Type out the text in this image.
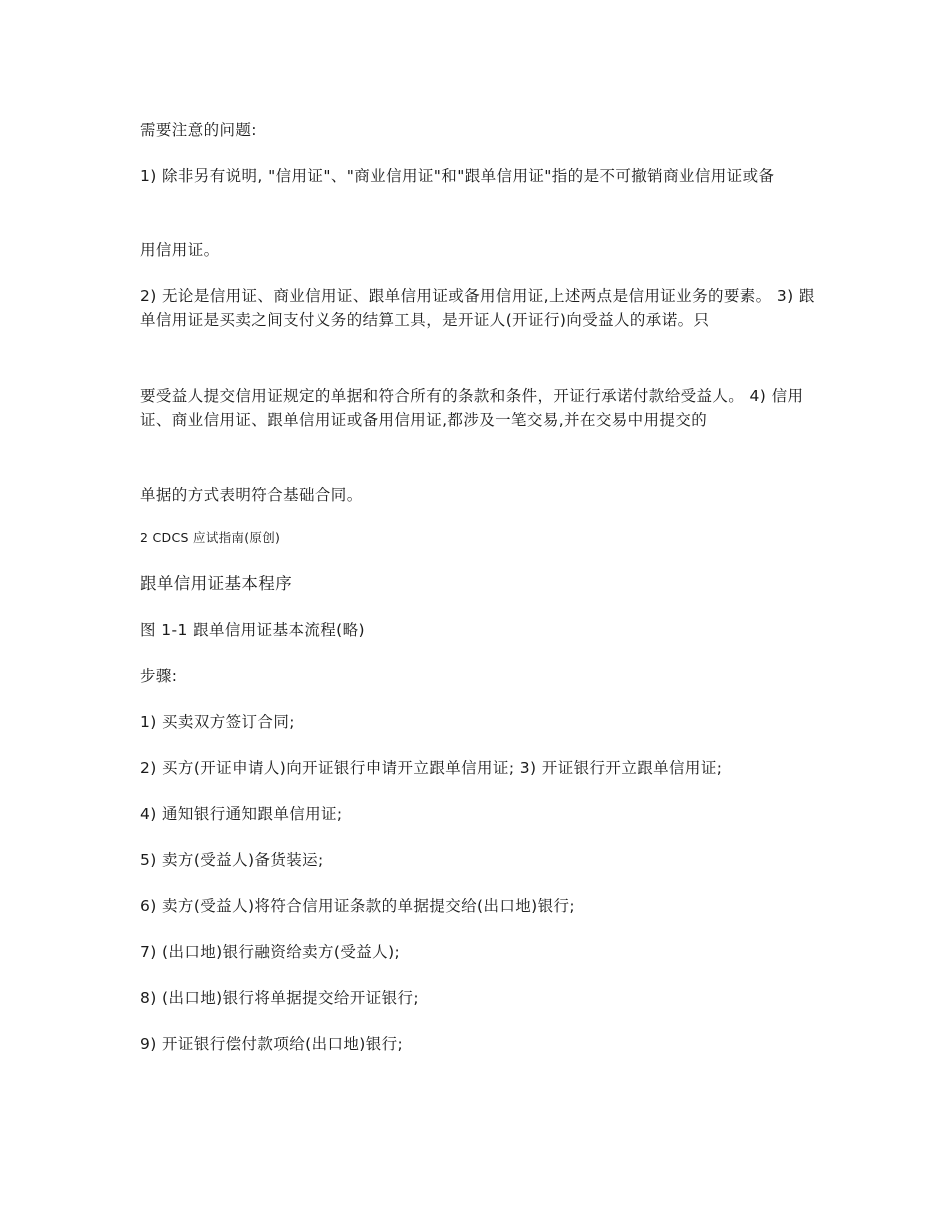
需要注意的问题:
1) 除非另有说明, "信用证"、"商业信用证"和"跟单信用证"指的是不可撤销商业信用证或备
用信用证。
2) 无论是信用证、商业信用证、跟单信用证或备用信用证,上述两点是信用证业务的要素。 3) 跟单信用证是买卖之间支付义务的结算工具，是开证人(开证行)向受益人的承诺。只
要受益人提交信用证规定的单据和符合所有的条款和条件，开证行承诺付款给受益人。 4) 信用证、商业信用证、跟单信用证或备用信用证,都涉及一笔交易,并在交易中用提交的
单据的方式表明符合基础合同。
2 CDCS 应试指南(原创)
跟单信用证基本程序
图 1-1 跟单信用证基本流程(略)
步骤:
1) 买卖双方签订合同;
2) 买方(开证申请人)向开证银行申请开立跟单信用证; 3) 开证银行开立跟单信用证;
4) 通知银行通知跟单信用证;
5) 卖方(受益人)备货装运;
6) 卖方(受益人)将符合信用证条款的单据提交给(出口地)银行;
7) (出口地)银行融资给卖方(受益人);
8) (出口地)银行将单据提交给开证银行;
9) 开证银行偿付款项给(出口地)银行;
